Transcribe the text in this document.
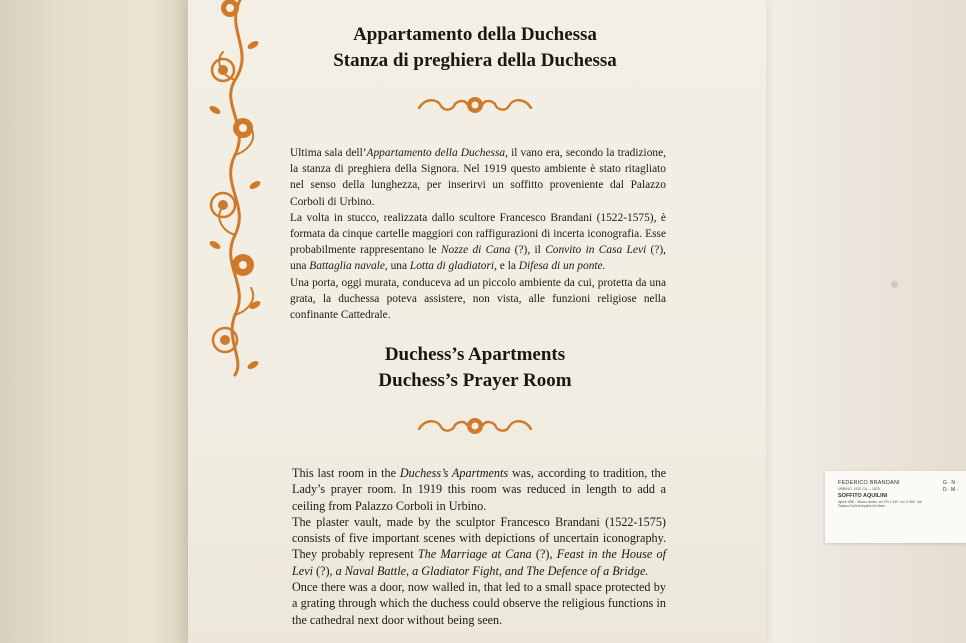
Appartamento della Duchessa
Stanza di preghiera della Duchessa

Ultima sala dell’Appartamento della Duchessa, il vano era, secondo la tradizione, la stanza di preghiera della Signora. Nel 1919 questo ambiente è stato ritagliato nel senso della lunghezza, per inserirvi un soffitto proveniente dal Palazzo Corboli di Urbino.

La volta in stucco, realizzata dallo scultore Francesco Brandani (1522-1575), è formata da cinque cartelle maggiori con raffigurazioni di incerta iconografia. Esse probabilmente rappresentano le Nozze di Cana (?), il Convito in Casa Levi (?), una Battaglia navale, una Lotta di gladiatori, e la Difesa di un ponte.

Una porta, oggi murata, conduceva ad un piccolo ambiente da cui, protetta da una grata, la duchessa poteva assistere, non vista, alle funzioni religiose nella confinante Cattedrale.

Duchess’s Apartments
Duchess’s Prayer Room

This last room in the Duchess’s Apartments was, according to tradition, the Lady’s prayer room. In 1919 this room was reduced in length to add a ceiling from Palazzo Corboli in Urbino.

The plaster vault, made by the sculptor Francesco Brandani (1522-1575) consists of five important scenes with depictions of uncertain iconography. They probably represent The Marriage at Cana (?), Feast in the House of Levi (?), a Naval Battle, a Gladiator Fight, and The Defence of a Bridge.

Once there was a door, now walled in, that led to a small space protected by a grating through which the duchess could observe the religious functions in the cathedral next door without being seen.

FEDERICO BRANDANI
URBINO, 1522 CA. – 1575
SOFFITO AQUILINI
dipinti 1550 · Stucco dorato, cm 570 x 440 · inv. D 360 · dal Palazzo Corboli Aquilini di Urbino
G · N ·
D · M ·
